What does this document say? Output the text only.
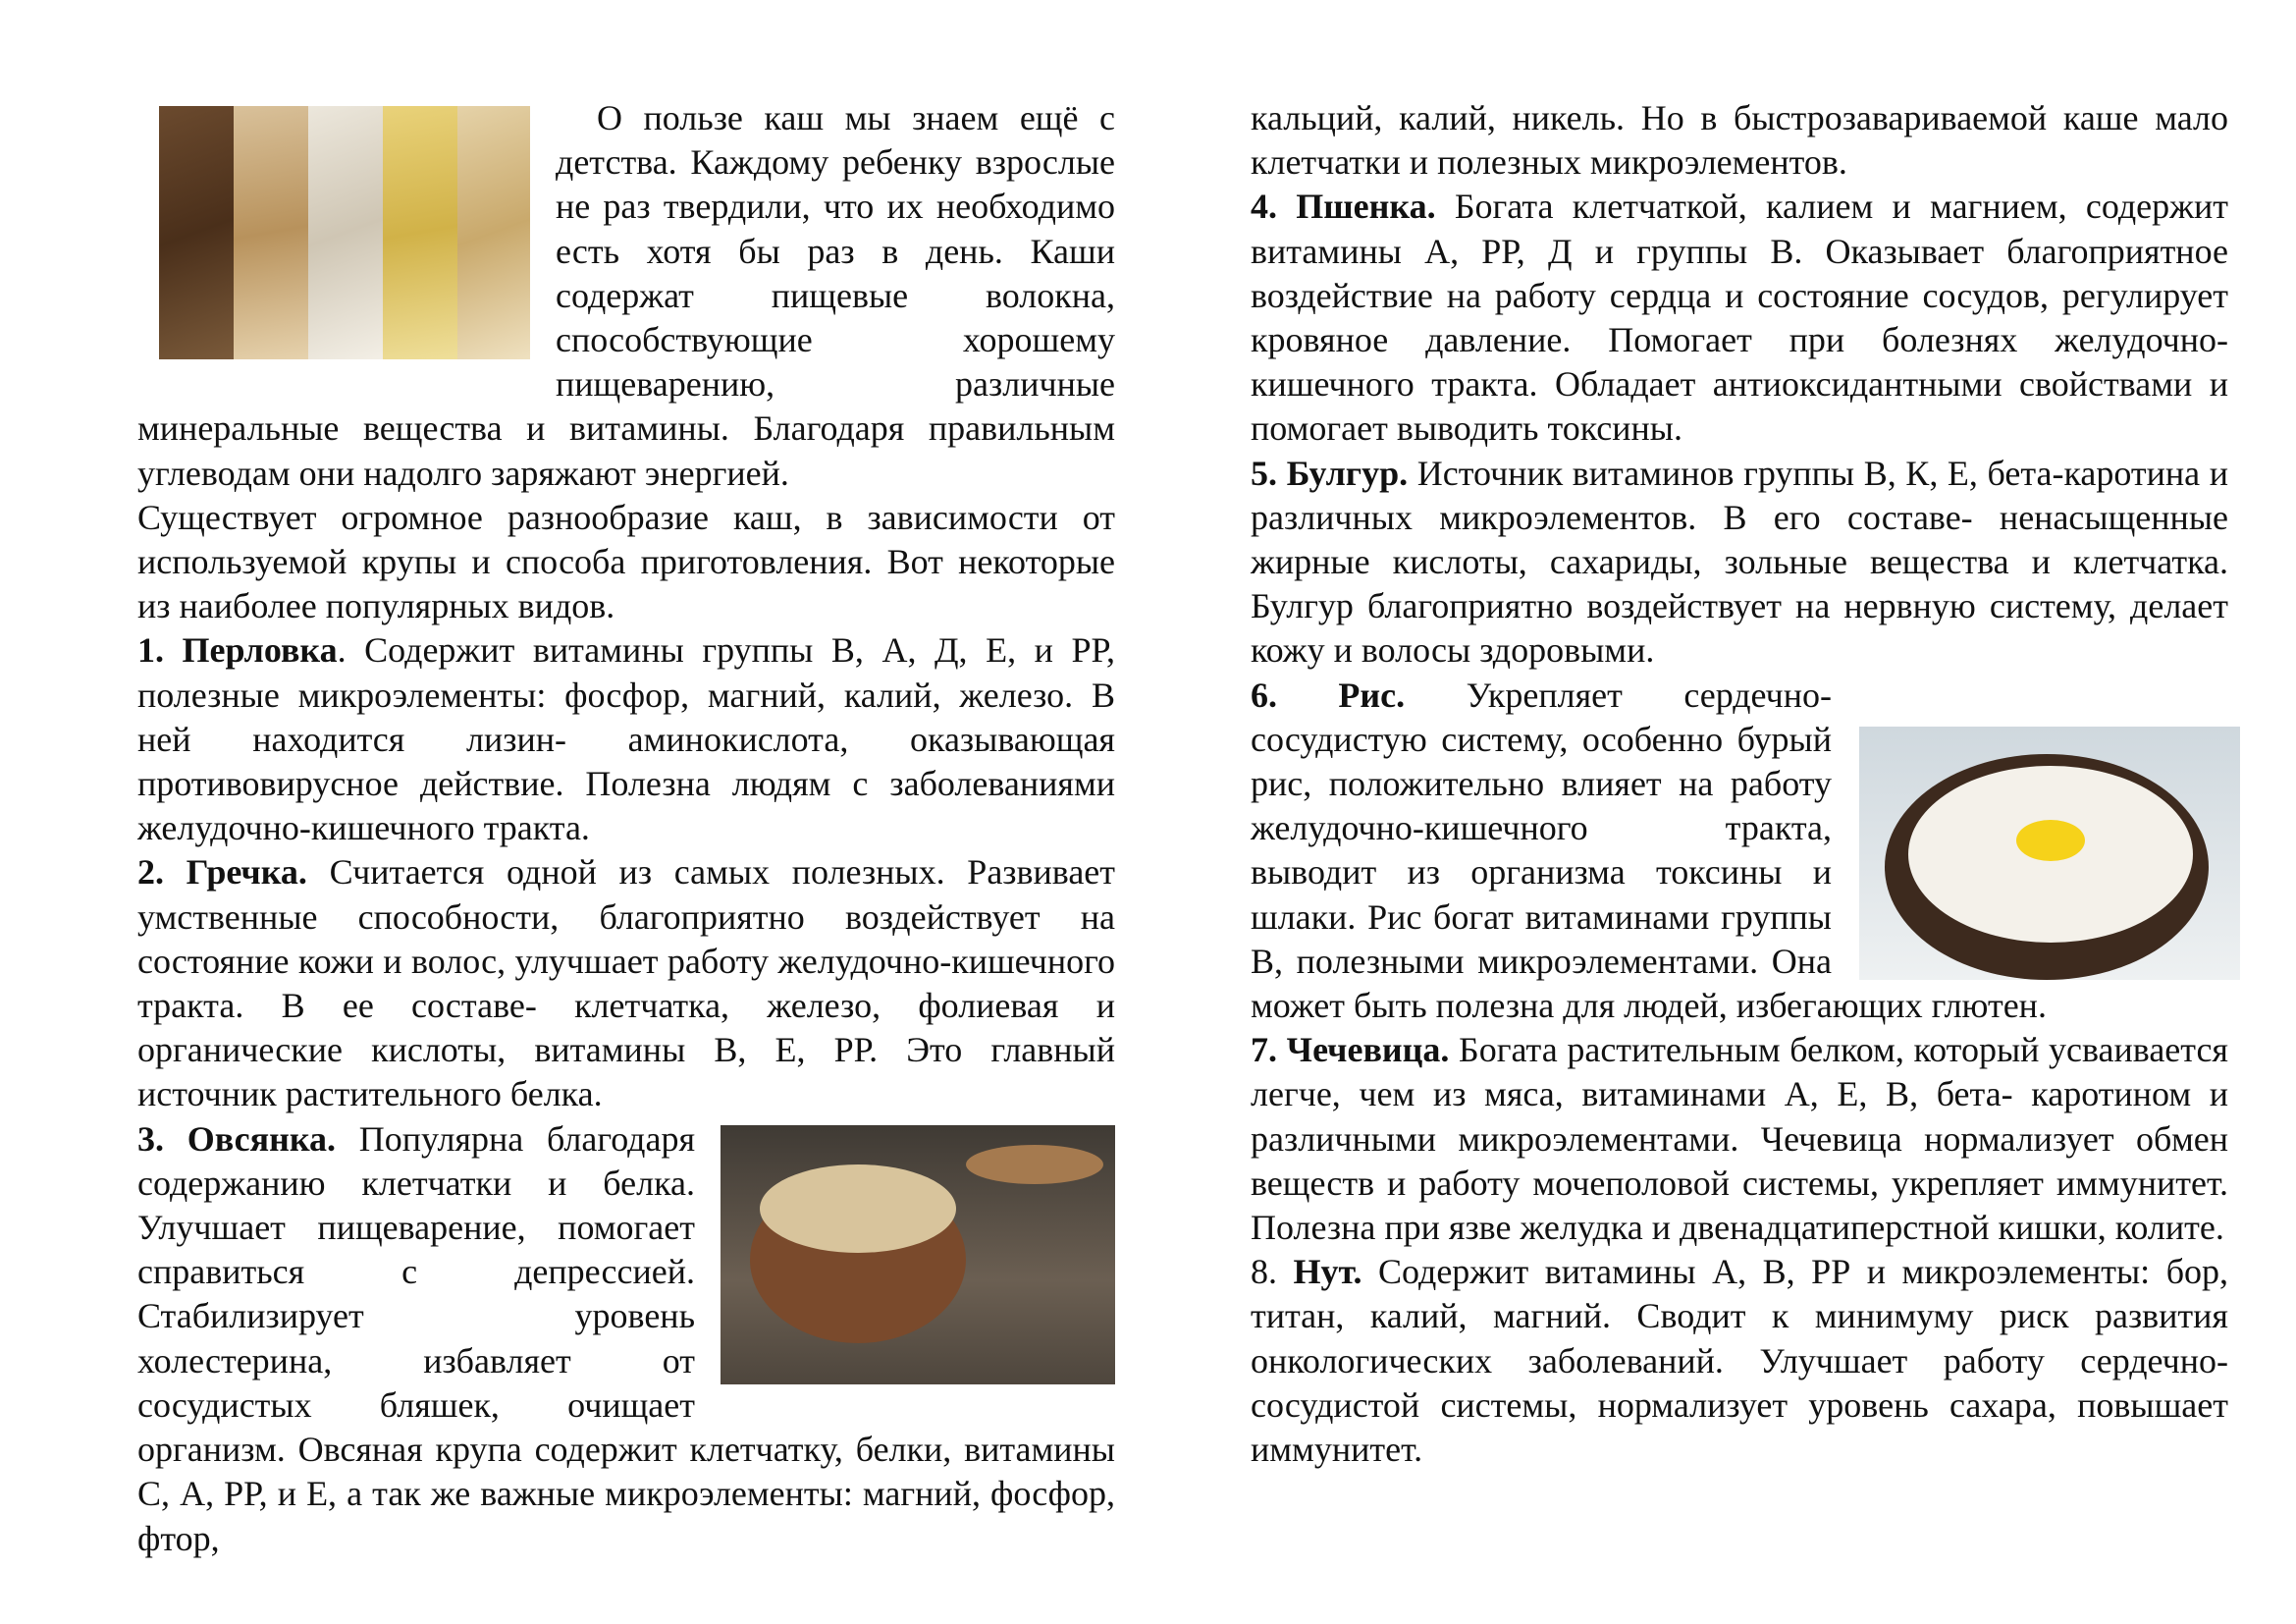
О пользе каш мы знаем ещё с детства. Каждому ребенку взрослые не раз твердили, что их необходимо есть хотя бы раз в день. Каши содержат пищевые волокна, способствующие хорошему пищеварению, различные минеральные вещества и витамины. Благодаря правильным углеводам они надолго заряжают энергией.

Существует огромное разнообразие каш, в зависимости от используемой крупы и способа приготовления. Вот некоторые из наиболее популярных видов.

1. Перловка. Содержит витамины группы В, А, Д, Е, и РР, полезные микроэлементы: фосфор, магний, калий, железо. В ней находится лизин- аминокислота, оказывающая противовирусное действие. Полезна людям с заболеваниями желудочно-кишечного тракта.

2. Гречка. Считается одной из самых полезных. Развивает умственные способности, благоприятно воздействует на состояние кожи и волос, улучшает работу желудочно-кишечного тракта. В ее составе- клетчатка, железо, фолиевая и органические кислоты, витамины В, Е, РР. Это главный источник растительного белка.

3. Овсянка. Популярна благодаря содержанию клетчатки и белка. Улучшает пищеварение, помогает справиться с депрессией. Стабилизирует уровень холестерина, избавляет от сосудистых бляшек, очищает организм. Овсяная крупа содержит клетчатку, белки, витамины С, А, РР, и Е, а так же важные микроэлементы: магний, фосфор, фтор,

кальций, калий, никель. Но в быстрозавариваемой каше мало клетчатки и полезных микроэлементов.

4. Пшенка. Богата клетчаткой, калием и магнием, содержит витамины А, РР, Д и группы В. Оказывает благоприятное воздействие на работу сердца и состояние сосудов, регулирует кровяное давление. Помогает при болезнях желудочно- кишечного тракта. Обладает антиоксидантными свойствами и помогает выводить токсины.

5. Булгур. Источник витаминов группы В, К, Е, бета-каротина и различных микроэлементов. В его составе- ненасыщенные жирные кислоты, сахариды, зольные вещества и клетчатка. Булгур благоприятно воздействует на нервную систему, делает кожу и волосы здоровыми.

6. Рис. Укрепляет сердечно- сосудистую систему, особенно бурый рис, положительно влияет на работу желудочно-кишечного тракта, выводит из организма токсины и шлаки. Рис богат витаминами группы В, полезными микроэлементами. Она может быть полезна для людей, избегающих глютен.

7. Чечевица. Богата растительным белком, который усваивается легче, чем из мяса, витаминами А, Е, В, бета- каротином и различными микроэлементами. Чечевица нормализует обмен веществ и работу мочеполовой системы, укрепляет иммунитет. Полезна при язве желудка и двенадцатиперстной кишки, колите.

8. Нут. Содержит витамины А, В, РР и микроэлементы: бор, титан, калий, магний. Сводит к минимуму риск развития онкологических заболеваний. Улучшает работу сердечно- сосудистой системы, нормализует уровень сахара, повышает иммунитет.
